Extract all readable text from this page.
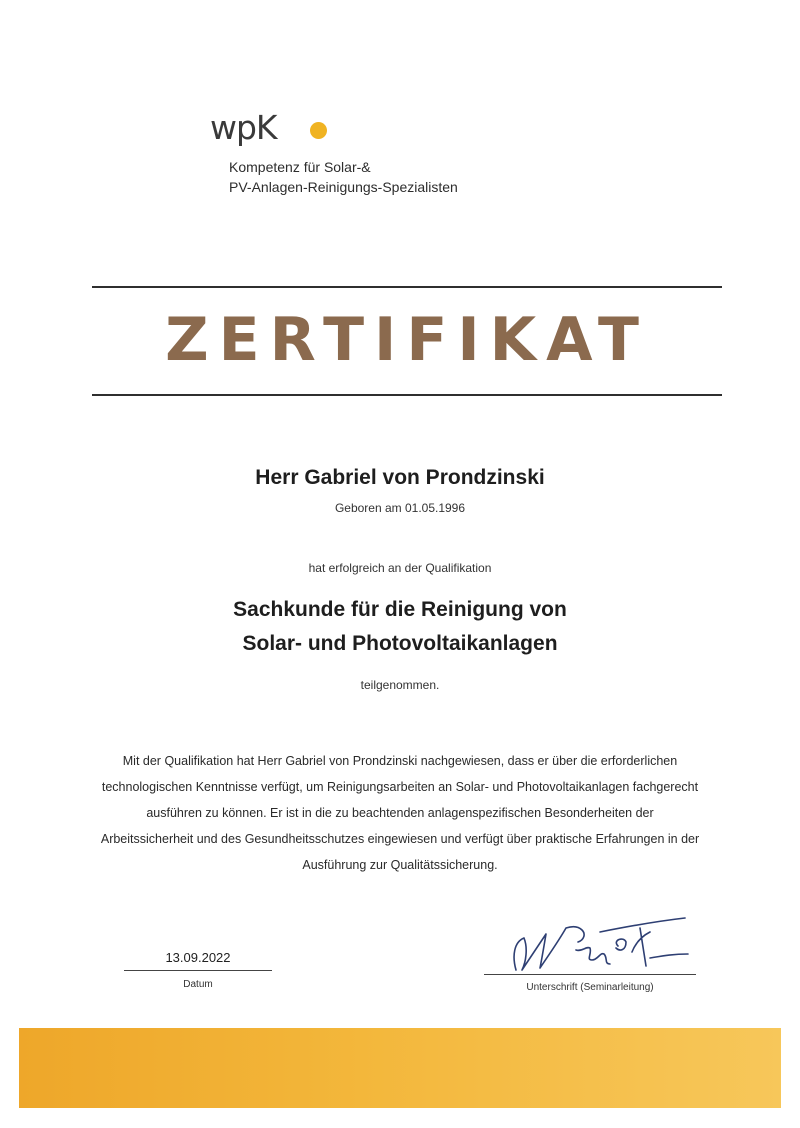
wpK
Kompetenz für Solar-&
PV-Anlagen-Reinigungs-Spezialisten
ZERTIFIKAT
Herr Gabriel von Prondzinski
Geboren am 01.05.1996
hat erfolgreich an der Qualifikation
Sachkunde für die Reinigung von
Solar- und Photovoltaikanlagen
teilgenommen.
Mit der Qualifikation hat Herr Gabriel von Prondzinski nachgewiesen, dass er über die erforderlichen technologischen Kenntnisse verfügt, um Reinigungsarbeiten an Solar- und Photovoltaikanlagen fachgerecht ausführen zu können. Er ist in die zu beachtenden anlagenspezifischen Besonderheiten der Arbeitssicherheit und des Gesundheitsschutzes eingewiesen und verfügt über praktische Erfahrungen in der Ausführung zur Qualitätssicherung.
13.09.2022
Datum	Unterschrift (Seminarleitung)
